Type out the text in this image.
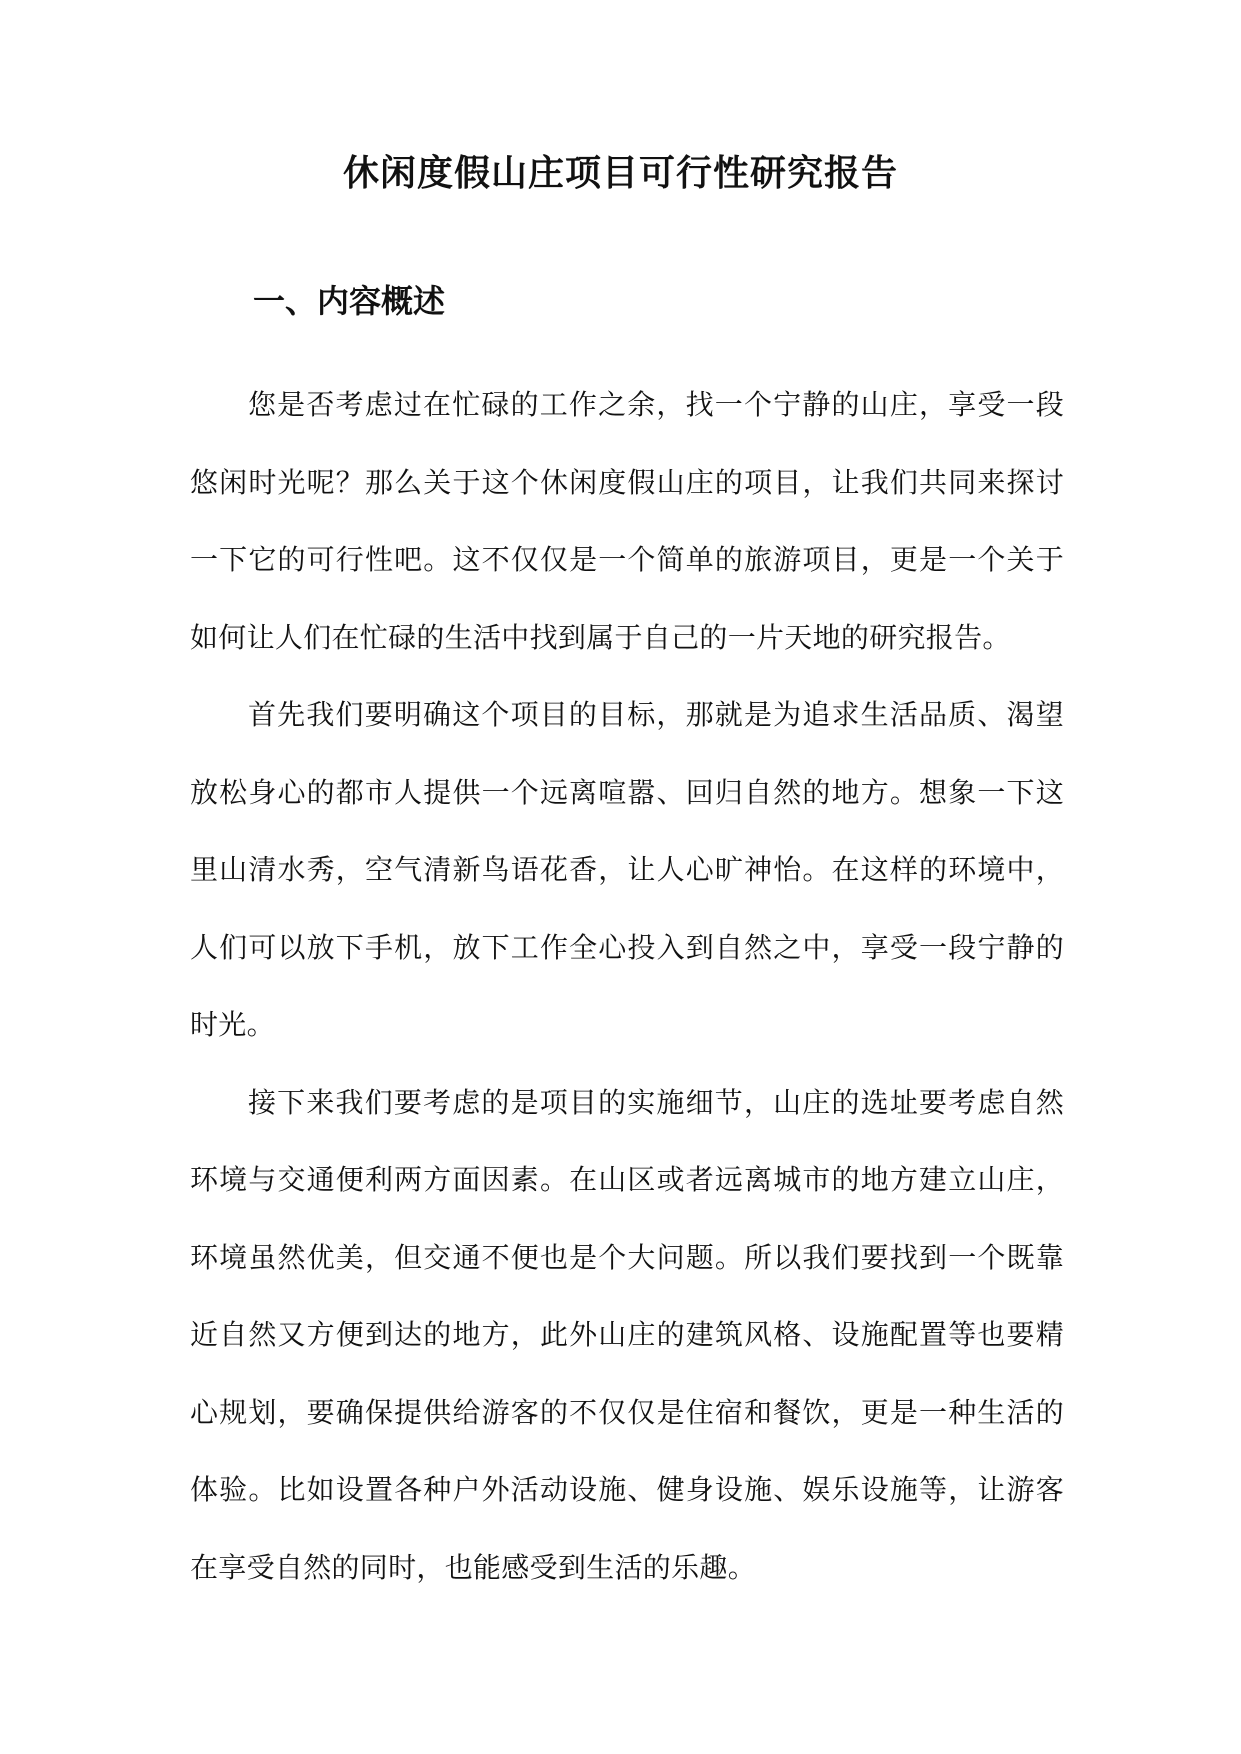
休闲度假山庄项目可行性研究报告
一、内容概述

您是否考虑过在忙碌的工作之余，找一个宁静的山庄，享受一段悠闲时光呢？那么关于这个休闲度假山庄的项目，让我们共同来探讨一下它的可行性吧。这不仅仅是一个简单的旅游项目，更是一个关于如何让人们在忙碌的生活中找到属于自己的一片天地的研究报告。

首先我们要明确这个项目的目标，那就是为追求生活品质、渴望放松身心的都市人提供一个远离喧嚣、回归自然的地方。想象一下这里山清水秀，空气清新鸟语花香，让人心旷神怡。在这样的环境中，人们可以放下手机，放下工作全心投入到自然之中，享受一段宁静的时光。

接下来我们要考虑的是项目的实施细节，山庄的选址要考虑自然环境与交通便利两方面因素。在山区或者远离城市的地方建立山庄，环境虽然优美，但交通不便也是个大问题。所以我们要找到一个既靠近自然又方便到达的地方，此外山庄的建筑风格、设施配置等也要精心规划，要确保提供给游客的不仅仅是住宿和餐饮，更是一种生活的体验。比如设置各种户外活动设施、健身设施、娱乐设施等，让游客在享受自然的同时，也能感受到生活的乐趣。
